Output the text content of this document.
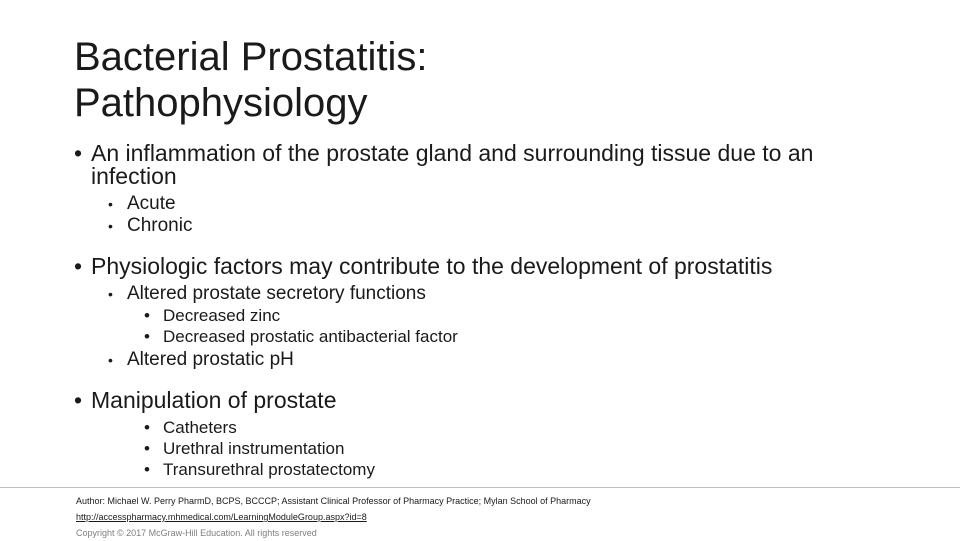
Bacterial Prostatitis:
Pathophysiology
• An inflammation of the prostate gland and surrounding tissue due to an infection
• Acute
• Chronic
• Physiologic factors may contribute to the development of prostatitis
• Altered prostate secretory functions
• Decreased zinc
• Decreased prostatic antibacterial factor
• Altered prostatic pH
• Manipulation of prostate
• Catheters
• Urethral instrumentation
• Transurethral prostatectomy
Author: Michael W. Perry PharmD, BCPS, BCCCP; Assistant Clinical Professor of Pharmacy Practice; Mylan School of Pharmacy
http://accesspharmacy.mhmedical.com/LearningModuleGroup.aspx?id=8
Copyright © 2017 McGraw-Hill Education. All rights reserved
